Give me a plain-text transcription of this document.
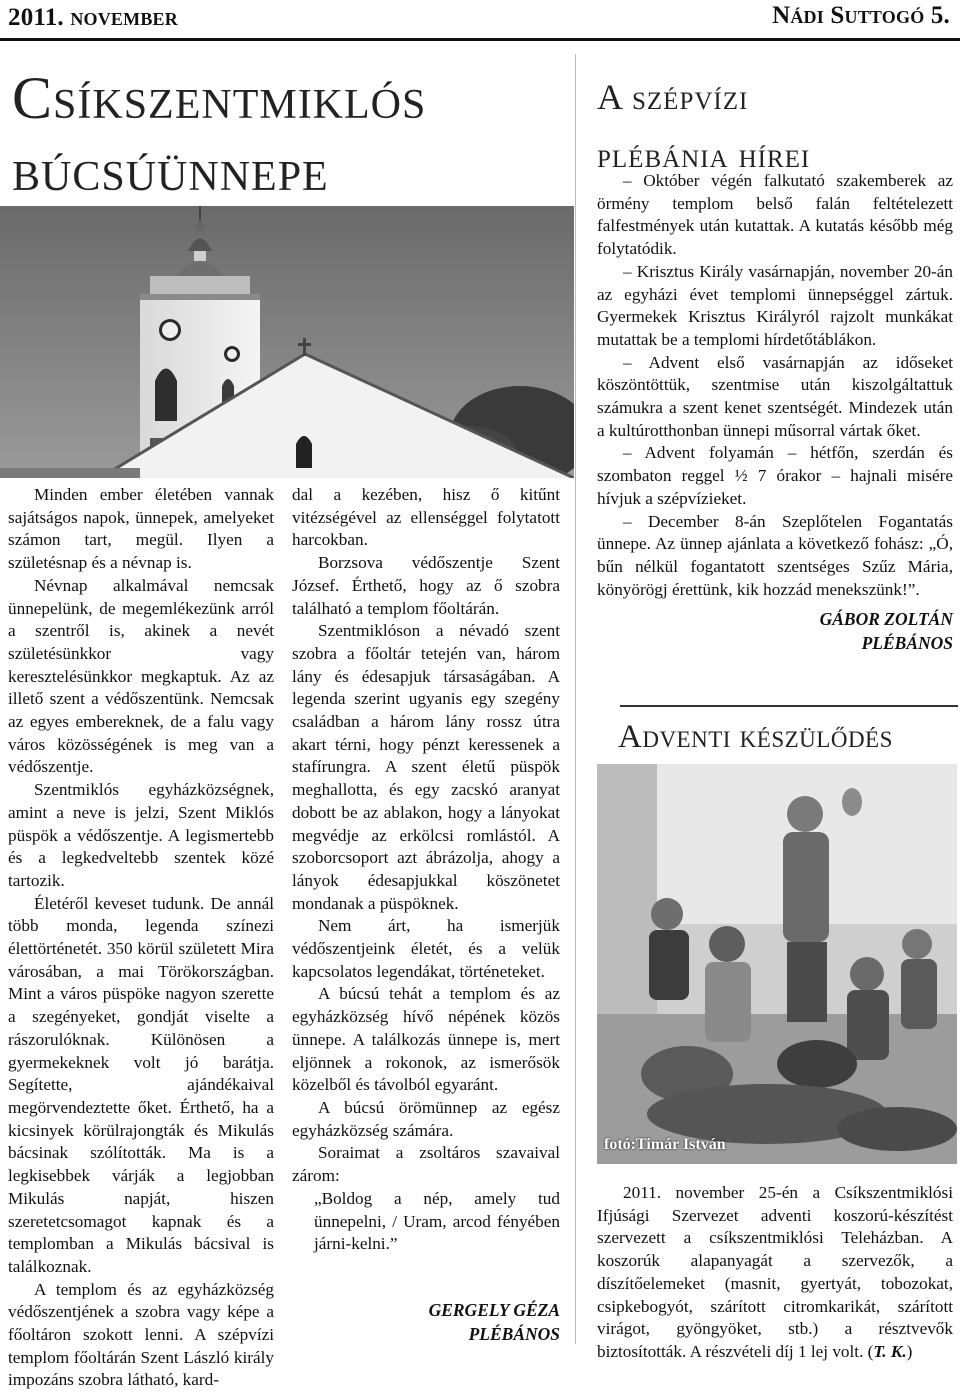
2011. november	Nádi Suttogó 5.
Csíkszentmiklós
búcsúünnepe

Minden ember életében vannak sajátságos napok, ünnepek, amelyeket számon tart, megül. Ilyen a születésnap és a névnap is.

Névnap alkalmával nemcsak ünnepelünk, de megemlékezünk arról a szentről is, akinek a nevét születésünkkor vagy keresztelésünkkor megkaptuk. Az az illető szent a védőszentünk. Nemcsak az egyes embereknek, de a falu vagy város közösségének is meg van a védőszentje.

Szentmiklós egyházközségnek, amint a neve is jelzi, Szent Miklós püspök a védőszentje. A legismertebb és a legkedveltebb szentek közé tartozik.

Életéről keveset tudunk. De annál több monda, legenda színezi élettörténetét. 350 körül született Mira városában, a mai Törökországban. Mint a város püspöke nagyon szerette a szegényeket, gondját viselte a rászorulóknak. Különösen a gyermekeknek volt jó barátja. Segítette, ajándékaival megörvendeztette őket. Érthető, ha a kicsinyek körülrajongták és Mikulás bácsinak szólították. Ma is a legkisebbek várják a legjobban Mikulás napját, hiszen szeretetcsomagot kapnak és a templomban a Mikulás bácsival is találkoznak.

A templom és az egyházközség védőszentjének a szobra vagy képe a főoltáron szokott lenni. A szépvízi templom főoltárán Szent László király impozáns szobra látható, kard-

dal a kezében, hisz ő kitűnt vitézségével az ellenséggel folytatott harcokban.

Borzsova védőszentje Szent József. Érthető, hogy az ő szobra található a templom főoltárán.

Szentmiklóson a névadó szent szobra a főoltár tetején van, három lány és édesapjuk társaságában. A legenda szerint ugyanis egy szegény családban a három lány rossz útra akart térni, hogy pénzt keressenek a stafírungra. A szent életű püspök meghallotta, és egy zacskó aranyat dobott be az ablakon, hogy a lányokat megvédje az erkölcsi romlástól. A szoborcsoport azt ábrázolja, ahogy a lányok édesapjukkal köszönetet mondanak a püspöknek.

Nem árt, ha ismerjük védőszentjeink életét, és a velük kapcsolatos legendákat, történeteket.

A búcsú tehát a templom és az egyházközség hívő népének közös ünnepe. A találkozás ünnepe is, mert eljönnek a rokonok, az ismerősök közelből és távolból egyaránt.

A búcsú örömünnep az egész egyházközség számára.

Soraimat a zsoltáros szavaival zárom:

„Boldog a nép, amely tud ünnepelni, / Uram, arcod fényében járni-kelni.”

GERGELY GÉZA
PLÉBÁNOS
A szépvízi
plébánia hírei

– Október végén falkutató szakemberek az örmény templom belső falán feltételezett falfestmények után kutattak. A kutatás később még folytatódik.

– Krisztus Király vasárnapján, november 20-án az egyházi évet templomi ünnepséggel zártuk. Gyermekek Krisztus Királyról rajzolt munkákat mutattak be a templomi hírdetőtáblákon.

– Advent első vasárnapján az időseket köszöntöttük, szentmise után kiszolgáltattuk számukra a szent kenet szentségét. Mindezek után a kultúrotthonban ünnepi műsorral vártak őket.

– Advent folyamán – hétfőn, szerdán és szombaton reggel ½ 7 órakor – hajnali misére hívjuk a szépvízieket.

– December 8-án Szeplőtelen Fogantatás ünnepe. Az ünnep ajánlata a következő fohász: „Ó, bűn nélkül fogantatott szentséges Szűz Mária, könyörögj érettünk, kik hozzád menekszünk!”.

GÁBOR ZOLTÁN
PLÉBÁNOS
Adventi készülődés
fotó:Timár István

2011. november 25-én a Csíkszentmiklósi Ifjúsági Szervezet adventi koszorú-készítést szervezett a csíkszentmiklósi Teleházban. A koszorúk alapanyagát a szervezők, a díszítőelemeket (masnit, gyertyát, tobozokat, csipkebogyót, szárított citromkarikát, szárított virágot, gyöngyöket, stb.) a résztvevők biztosították. A részvételi díj 1 lej volt. (T. K.)
